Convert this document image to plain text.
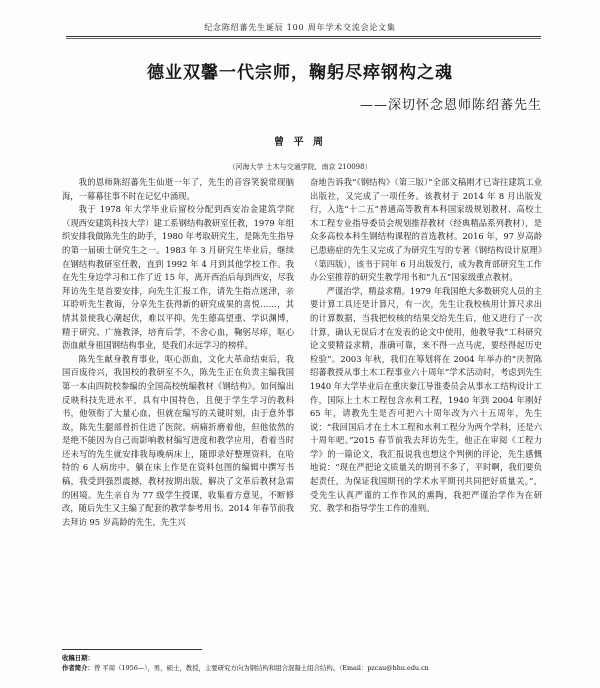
纪念陈绍蕃先生诞辰 100 周年学术交流会论文集
德业双馨一代宗师，鞠躬尽瘁钢构之魂
——深切怀念恩师陈绍蕃先生
曾 平 周
（河海大学 土木与交通学院，南京 210098）

我的恩师陈绍蕃先生仙逝一年了，先生的音容笑貌常现脑海，一幕幕往事不时在记忆中涌现。

我于 1978 年大学毕业后留校分配到西安冶金建筑学院（现西安建筑科技大学）建工系钢结构教研室任教，1979 年组织安排我做陈先生的助手，1980 年考取研究生，是陈先生指导的第一届硕士研究生之一。1983 年 3 月研究生毕业后，继续在钢结构教研室任教，直到 1992 年 4 月到其他学校工作。我在先生身边学习和工作了近 15 年，离开西治后每到西安，尽我拜访先生是首要安排，向先生汇报工作，请先生指点迷津，亲耳聆听先生教诲，分享先生获得新的研究成果的喜悦……，其情其景使我心潮起伏，难以平抑。先生德高望重、学识渊博，精于研究、广施教泽，培育后学，不舍心血，鞠躬尽瘁，呕心沥血献身祖国钢结构事业，是我们永远学习的榜样。

陈先生献身教育事业，呕心沥血，文化大革命结束后，我国百废待兴，我国校的教研室不久，陈先生正在负责主编我国第一本由四院校参编的全国高校统编教材《钢结构》。如何编出反映科技先进水平，具有中国特色，且便于学生学习的教科书，他领衔了大量心血，但就在编写的关键时刻，由于意外事故，陈先生腿部骨折住进了医院。病痛折磨着他，但他依然的是绝不能因为自己而影响教材编写进度和教学应用，看着当时还未写的先生就安排我每晚病床上，随即录好整理资料，在哈特的 6 人病房中，躺在床上作是在资料包图的编辑中撰写书稿，我受到强烈震撼，教材按期出版，解决了文革后教材急需的困境。先生亲自为 77 级学生授课，收集着方意见，不断修改，随后先生又主编了配套的教学参考用书。2014 年春节前我去拜访 95 岁高龄的先生，先生兴

奋地告诉我“《钢结构》（第三版）”全部文稿刚才已寄往建筑工业出版社，又完成了一项任务。该教材于 2014 年 8 月出版发行，入选“十二五”普通高等教育本科国家级规划教材、高校土木工程专业指导委员会规划推荐教材（经典精品系列教材），是众多高校本科生钢结构课程的首选教材。2016 年，97 岁高龄已患癌症的先生又完成了为研究生写的专著《钢结构设计原理》（第四版），该书于同年 6 月出版发行，成为教育部研究生工作办公室推荐的研究生教学用书和“九五”国家级重点教材。

严谨治学，精益求精。1979 年我国绝大多数研究人员的主要计算工具还是计算尺，有一次，先生让我校核用计算尺求出的计算数据，当我把校核的结果交给先生后，他又进行了一次计算，确认无误后才在发表的论文中使用，他教导我“工科研究论文要精益求精，准确可靠，来不得一点马虎，要经得起历史检验”。2003 年秋，我们在筹划将在 2004 年举办的“庆贺陈绍蕃教授从事土木工程事业六十周年”学术活动时，考虑到先生 1940 年大学毕业后在重庆豢江导淮委员会从事水工结构设计工作，国际上土木工程包含水利工程，1940 年到 2004 年刚好 65 年，请教先生是否可把六十周年改为六十五周年，先生说：“我回国后才在土木工程和水利工程分为两个学科，还是六十周年吧。”2015 春节前我去拜访先生，他正在审阅《工程力学》的一篇论文，我汇报说我也想这个判例的评论，先生感慨地说：“现在严把论文质量关的期刊不多了，平时啊，我们要负起责任，为保证我国期刊的学术水平期刊共同把好质量关。”，受先生认真严谨的工作作风的熏陶，我把严谨治学作为在研究、教学和指导学生工作的准则。

收稿日期：
作者简介：曾 平周（1956—），男，硕士，教授，主要研究方向为钢结构和组合混凝土组合结构。（Email：pzcau@hhu.edu.cn
